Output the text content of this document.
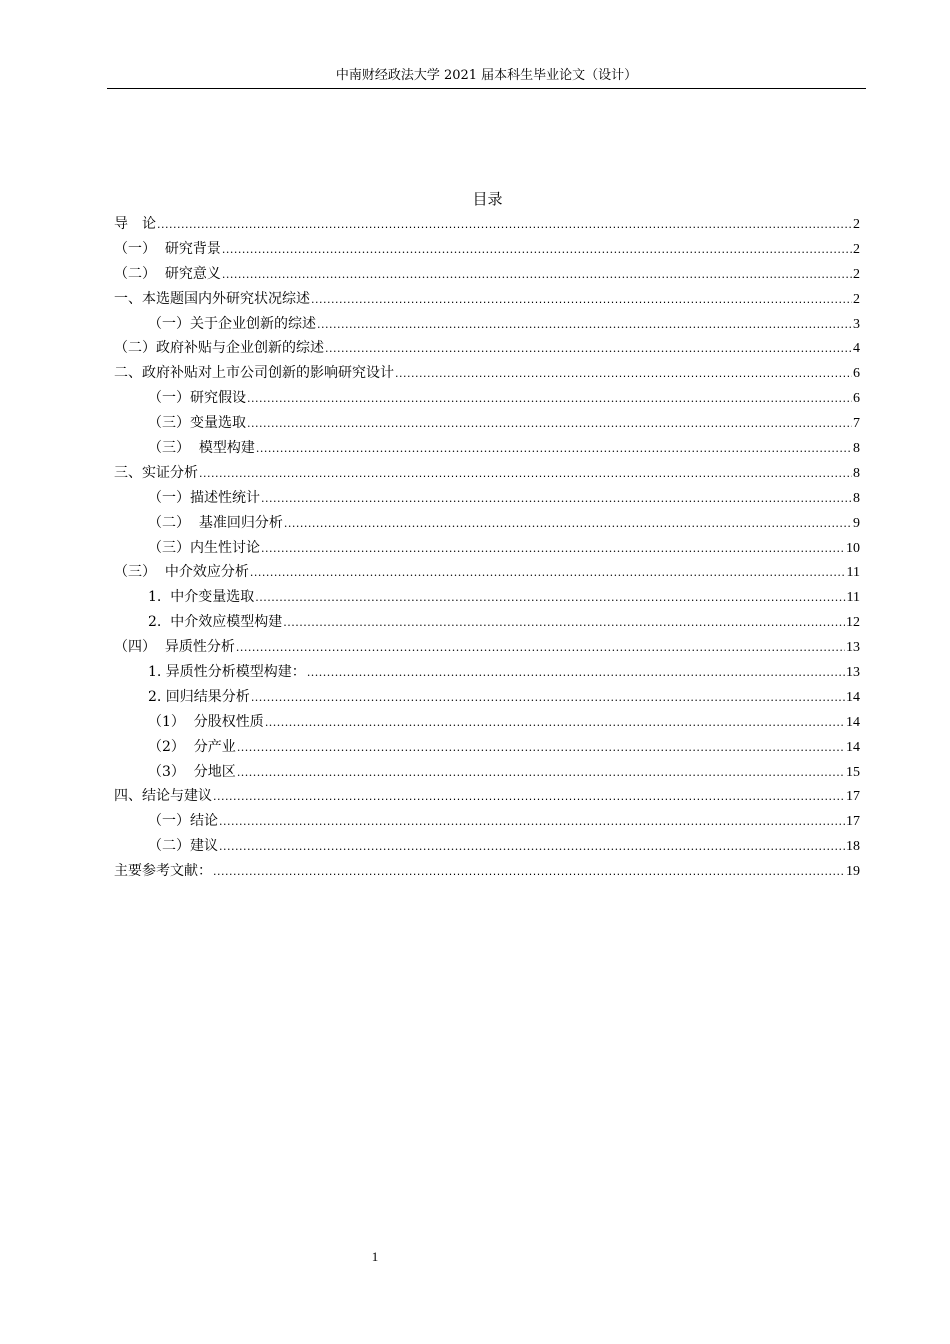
中南财经政法大学 2021 届本科生毕业论文（设计）
目录
导　论 .....	2
（一）  研究背景 .....	2
（二）  研究意义 .....	2
一、本选题国内外研究状况综述 .....	2
（一）关于企业创新的综述 .....	3
（二）政府补贴与企业创新的综述 .....	4
二、政府补贴对上市公司创新的影响研究设计 .....	6
（一）研究假设 .....	6
（三）变量选取 .....	7
（三）  模型构建 .....	8
三、实证分析 .....	8
（一）描述性统计 .....	8
（二）  基准回归分析 .....	9
（三）内生性讨论 .....	10
（三）  中介效应分析 .....	11
1.  中介变量选取 .....	11
2.  中介效应模型构建 .....	12
（四）  异质性分析 .....	13
1. 异质性分析模型构建： .....	13
2. 回归结果分析 .....	14
（1）  分股权性质 .....	14
（2）  分产业 .....	14
（3）  分地区 .....	15
四、结论与建议 .....	17
（一）结论 .....	17
（二）建议 .....	18
主要参考文献： .....	19
1
